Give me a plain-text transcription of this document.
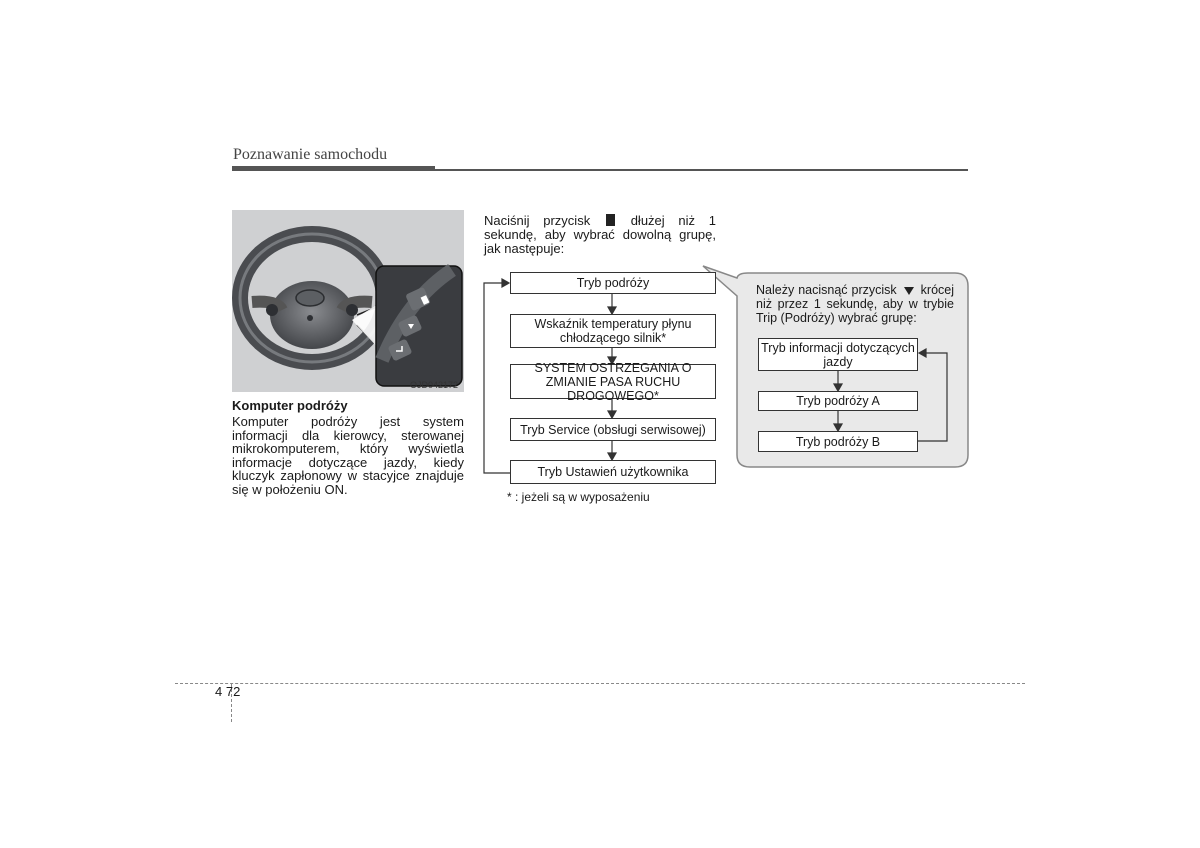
Poznawanie samochodu
OJD042172
Komputer podróży
Komputer podróży jest system informacji dla kierowcy, sterowanej mikrokomputerem, który wyświetla informacje dotyczące jazdy, kiedy kluczyk zapłonowy w stacyjce znajduje się w położeniu ON.
Naciśnij przycisk	dłużej niż 1 sekundę, aby wybrać dowolną grupę, jak następuje:
Tryb podróży
Wskaźnik temperatury płynu chłodzącego silnik*
SYSTEM OSTRZEGANIA O ZMIANIE PASA RUCHU DROGOWEGO*
Tryb Service (obsługi serwisowej)
Tryb Ustawień użytkownika
* : jeżeli są w wyposażeniu
Należy nacisnąć przycisk krócej niż przez 1 sekundę, aby w trybie Trip (Podróży) wybrać grupę:
Tryb informacji dotyczących jazdy
Tryb podróży A
Tryb podróży B
4 72
